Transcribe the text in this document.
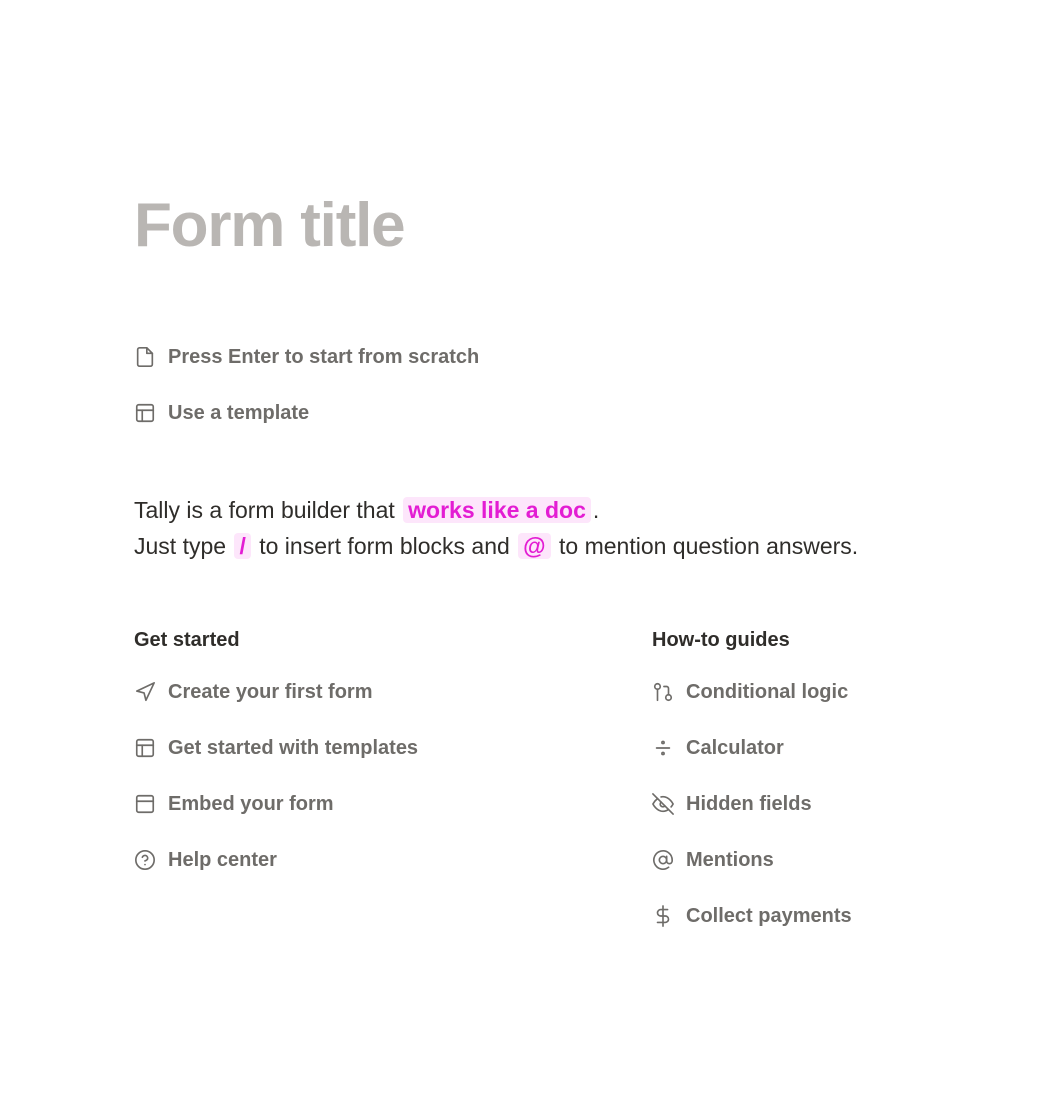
Form title
Press Enter to start from scratch
Use a template

Tally is a form builder that works like a doc .

Just type / to insert form blocks and @ to mention question answers.

Get started
Create your first form
Get started with templates
Embed your form
Help center
How-to guides
Conditional logic
Calculator
Hidden fields
Mentions
Collect payments
